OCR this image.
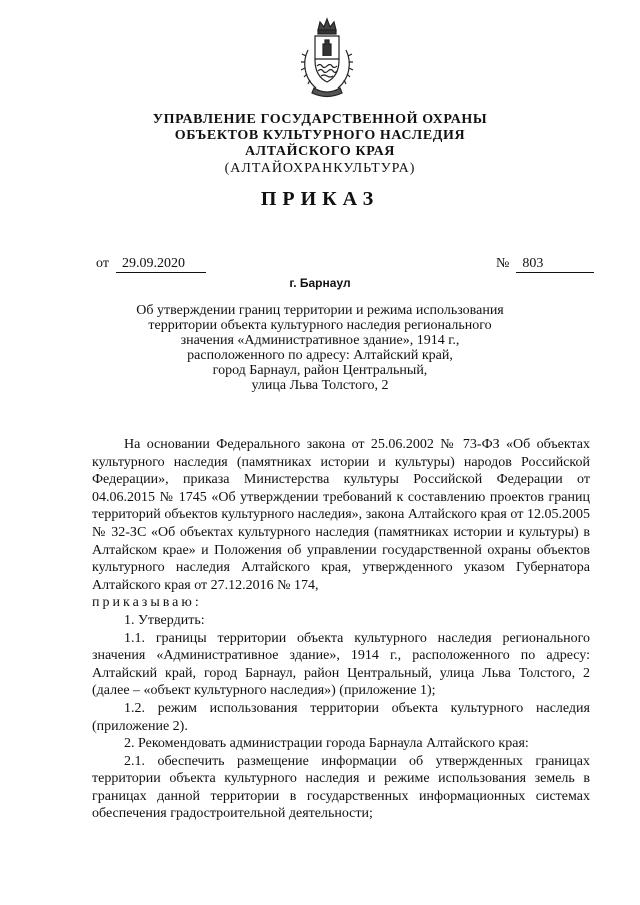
УПРАВЛЕНИЕ ГОСУДАРСТВЕННОЙ ОХРАНЫ
ОБЪЕКТОВ КУЛЬТУРНОГО НАСЛЕДИЯ
АЛТАЙСКОГО КРАЯ
(АЛТАЙОХРАНКУЛЬТУРА)
ПРИКАЗ
от 29.09.2020	№ 803
г. Барнаул
Об утверждении границ территории и режима использования
территории объекта культурного наследия регионального
значения «Административное здание», 1914 г.,
расположенного по адресу: Алтайский край,
город Барнаул, район Центральный,
улица Льва Толстого, 2

На основании Федерального закона от 25.06.2002 № 73-ФЗ «Об объектах культурного наследия (памятниках истории и культуры) народов Российской Федерации», приказа Министерства культуры Российской Федерации от 04.06.2015 № 1745 «Об утверждении требований к составлению проектов границ территорий объектов культурного наследия», закона Алтайского края от 12.05.2005 № 32-ЗС «Об объектах культурного наследия (памятниках истории и культуры) в Алтайском крае» и Положения об управлении государственной охраны объектов культурного наследия Алтайского края, утвержденного указом Губернатора Алтайского края от 27.12.2016 № 174,

приказываю:

1. Утвердить:

1.1. границы территории объекта культурного наследия регионального значения «Административное здание», 1914 г., расположенного по адресу: Алтайский край, город Барнаул, район Центральный, улица Льва Толстого, 2 (далее – «объект культурного наследия») (приложение 1);

1.2. режим использования территории объекта культурного наследия (приложение 2).

2. Рекомендовать администрации города Барнаула Алтайского края:

2.1. обеспечить размещение информации об утвержденных границах территории объекта культурного наследия и режиме использования земель в границах данной территории в государственных информационных системах обеспечения градостроительной деятельности;
